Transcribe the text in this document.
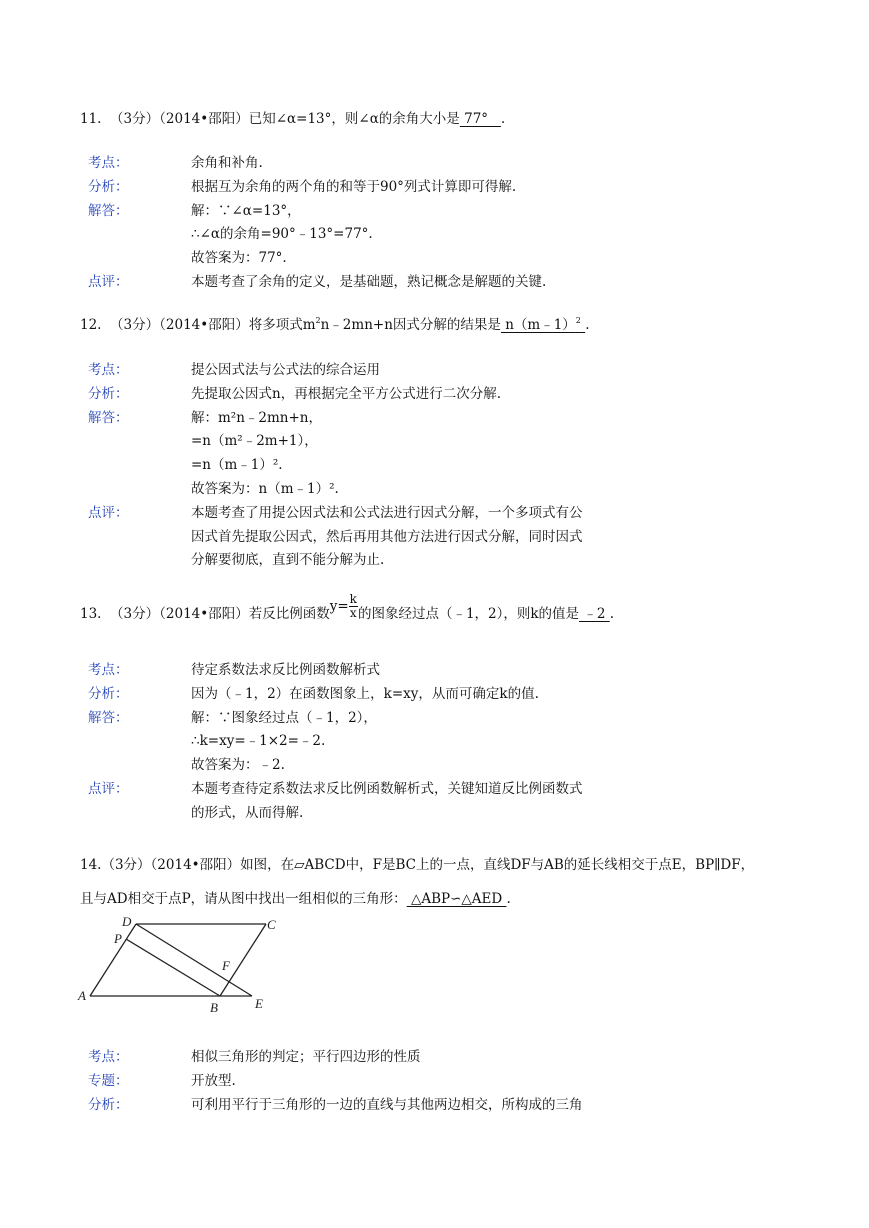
11.  （3分）（2014•邵阳）已知∠α=13°，则∠α的余角大小是 77°   .
考点：	余角和补角.
分析：	根据互为余角的两个角的和等于90°列式计算即可得解.
解答：	解：∵∠α=13°，
∴∠α的余角=90°﹣13°=77°.
故答案为：77°.
点评：	本题考查了余角的定义，是基础题，熟记概念是解题的关键.
12.  （3分）（2014•邵阳）将多项式$m^2n﹣2mn+n$因式分解的结果是 n（m﹣1）$^2$ .
考点：	提公因式法与公式法的综合运用
分析：	先提取公因式n，再根据完全平方公式进行二次分解.
解答：	解：m²n﹣2mn+n，
=n（m²﹣2m+1），
=n（m﹣1）².
故答案为：n（m﹣1）².
点评：	本题考查了用提公因式法和公式法进行因式分解，一个多项式有公
因式首先提取公因式，然后再用其他方法进行因式分解，同时因式
分解要彻底，直到不能分解为止.
13.  （3分）（2014•邵阳）若反比例函数$y= \frac{k}{x}$ 的图象经过点（﹣1，2），则k的值是 ﹣2 .
考点：	待定系数法求反比例函数解析式
分析：	因为（﹣1，2）在函数图象上，k=xy，从而可确定k的值.
解答：	解：∵图象经过点（﹣1，2），
∴k=xy=﹣1×2=﹣2.
故答案为：﹣2.
点评：	本题考查待定系数法求反比例函数解析式，关键知道反比例函数式
的形式，从而得解.
14.（3分）（2014•邵阳）如图，在▱ABCD中，F是BC上的一点，直线DF与AB的延长线相交于点E，BP∥DF，
且与AD相交于点P，请从图中找出一组相似的三角形： △ABP∽△AED .
D	C
P
F
A
B	E
考点：	相似三角形的判定；平行四边形的性质
专题：	开放型.
分析：	可利用平行于三角形的一边的直线与其他两边相交，所构成的三角
